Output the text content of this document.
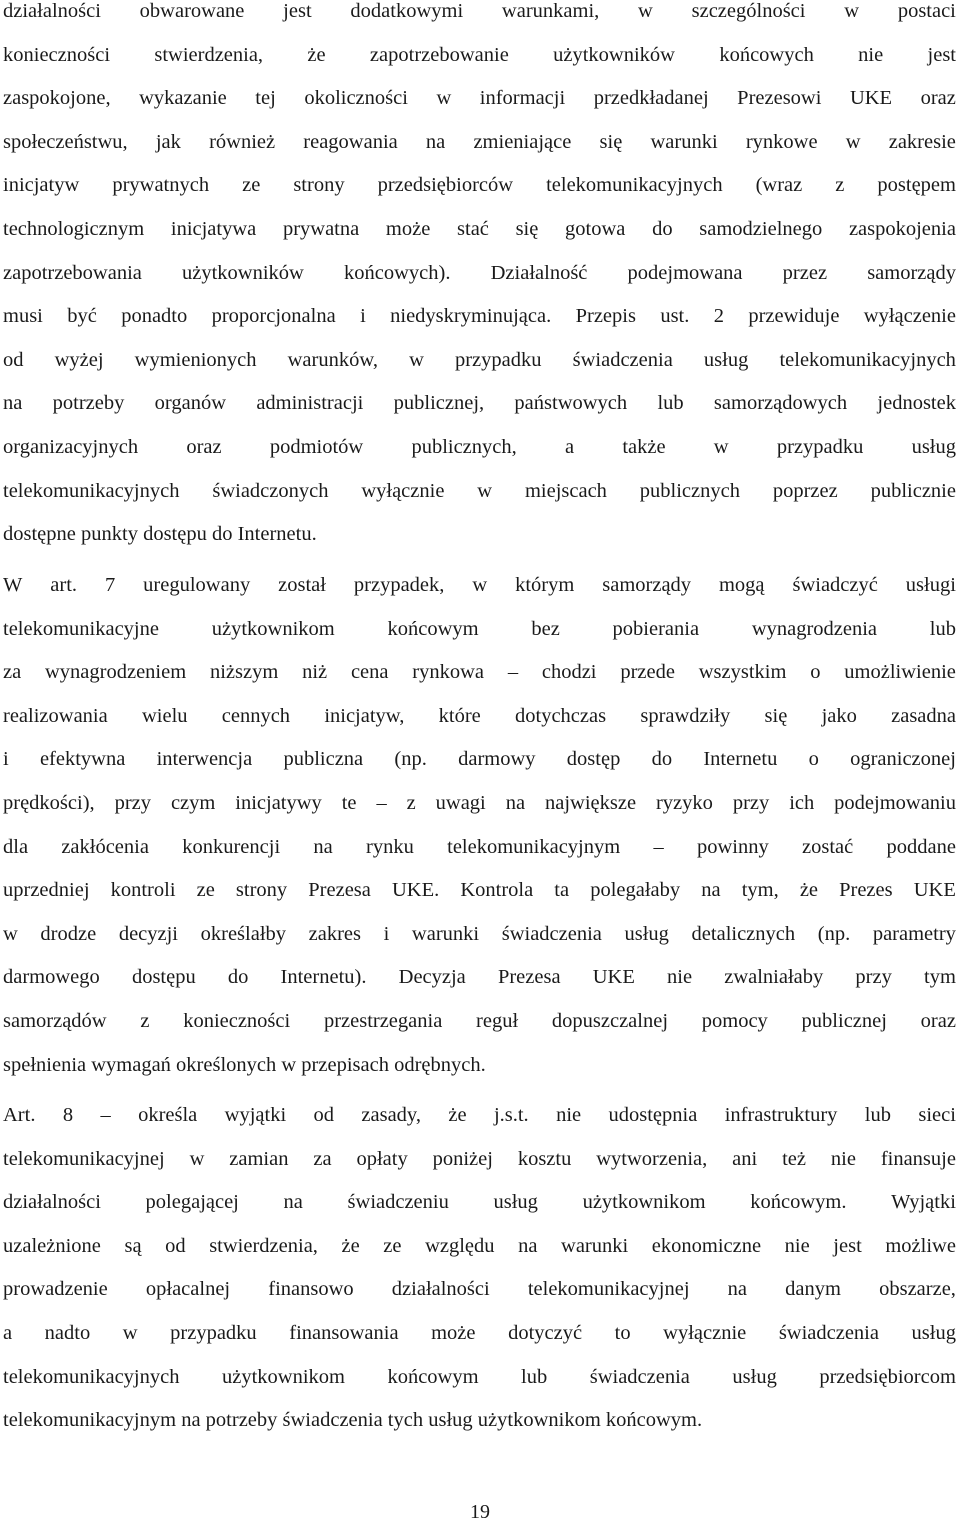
działalności obwarowane jest dodatkowymi warunkami, w szczególności w postaci
konieczności stwierdzenia, że zapotrzebowanie użytkowników końcowych nie jest
zaspokojone, wykazanie tej okoliczności w informacji przedkładanej Prezesowi UKE oraz
społeczeństwu, jak również reagowania na zmieniające się warunki rynkowe w zakresie
inicjatyw prywatnych ze strony przedsiębiorców telekomunikacyjnych (wraz z postępem
technologicznym inicjatywa prywatna może stać się gotowa do samodzielnego zaspokojenia
zapotrzebowania użytkowników końcowych). Działalność podejmowana przez samorządy
musi być ponadto proporcjonalna i niedyskryminująca. Przepis ust. 2 przewiduje wyłączenie
od wyżej wymienionych warunków, w przypadku świadczenia usług telekomunikacyjnych
na potrzeby organów administracji publicznej, państwowych lub samorządowych jednostek
organizacyjnych oraz podmiotów publicznych, a także w przypadku usług
telekomunikacyjnych świadczonych wyłącznie w miejscach publicznych poprzez publicznie
dostępne punkty dostępu do Internetu.
W art. 7 uregulowany został przypadek, w którym samorządy mogą świadczyć usługi
telekomunikacyjne	użytkownikom	końcowym	bez	pobierania	wynagrodzenia	lub
za wynagrodzeniem niższym niż cena rynkowa – chodzi przede wszystkim o umożliwienie
realizowania wielu cennych inicjatyw, które dotychczas sprawdziły się jako zasadna
i efektywna interwencja publiczna (np. darmowy dostęp do Internetu o ograniczonej
prędkości), przy czym inicjatywy te – z uwagi na największe ryzyko przy ich podejmowaniu
dla zakłócenia konkurencji na rynku telekomunikacyjnym – powinny zostać poddane
uprzedniej kontroli ze strony Prezesa UKE. Kontrola ta polegałaby na tym, że Prezes UKE
w drodze decyzji określałby zakres i warunki świadczenia usług detalicznych (np. parametry
darmowego dostępu do Internetu). Decyzja Prezesa UKE nie zwalniałaby przy tym
samorządów z konieczności przestrzegania reguł dopuszczalnej pomocy publicznej oraz
spełnienia wymagań określonych w przepisach odrębnych.
Art. 8 – określa wyjątki od zasady, że j.s.t. nie udostępnia infrastruktury lub sieci
telekomunikacyjnej w zamian za opłaty poniżej kosztu wytworzenia, ani też nie finansuje
działalności polegającej na świadczeniu usług użytkownikom końcowym. Wyjątki
uzależnione są od stwierdzenia, że ze względu na warunki ekonomiczne nie jest możliwe
prowadzenie opłacalnej finansowo działalności telekomunikacyjnej na danym obszarze,
a nadto w przypadku finansowania może dotyczyć to wyłącznie świadczenia usług
telekomunikacyjnych użytkownikom końcowym lub świadczenia usług przedsiębiorcom
telekomunikacyjnym na potrzeby świadczenia tych usług użytkownikom końcowym.
19
